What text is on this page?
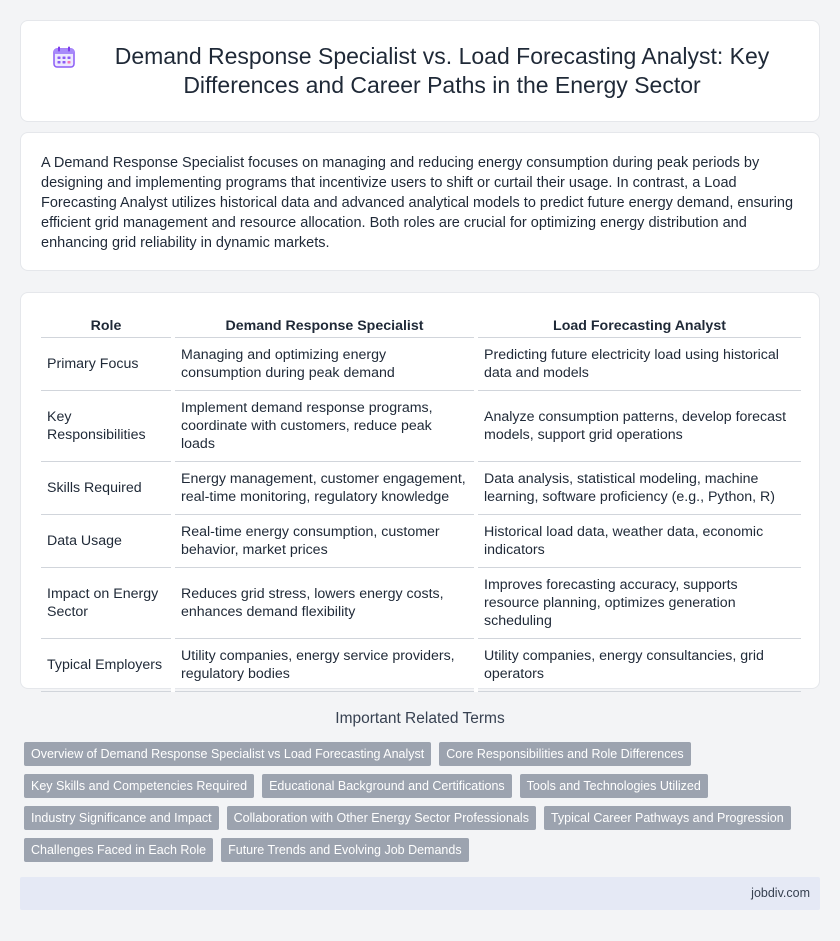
Demand Response Specialist vs. Load Forecasting Analyst: Key Differences and Career Paths in the Energy Sector

A Demand Response Specialist focuses on managing and reducing energy consumption during peak periods by designing and implementing programs that incentivize users to shift or curtail their usage. In contrast, a Load Forecasting Analyst utilizes historical data and advanced analytical models to predict future energy demand, ensuring efficient grid management and resource allocation. Both roles are crucial for optimizing energy distribution and enhancing grid reliability in dynamic markets.

Role	Demand Response Specialist	Load Forecasting Analyst
Primary Focus	Managing and optimizing energy consumption during peak demand	Predicting future electricity load using historical data and models
Key Responsibilities	Implement demand response programs, coordinate with customers, reduce peak loads	Analyze consumption patterns, develop forecast models, support grid operations
Skills Required	Energy management, customer engagement, real-time monitoring, regulatory knowledge	Data analysis, statistical modeling, machine learning, software proficiency (e.g., Python, R)
Data Usage	Real-time energy consumption, customer behavior, market prices	Historical load data, weather data, economic indicators
Impact on Energy Sector	Reduces grid stress, lowers energy costs, enhances demand flexibility	Improves forecasting accuracy, supports resource planning, optimizes generation scheduling
Typical Employers	Utility companies, energy service providers, regulatory bodies	Utility companies, energy consultancies, grid operators
Important Related Terms
Overview of Demand Response Specialist vs Load Forecasting Analyst	Core Responsibilities and Role Differences
Key Skills and Competencies Required	Educational Background and Certifications	Tools and Technologies Utilized
Industry Significance and Impact	Collaboration with Other Energy Sector Professionals	Typical Career Pathways and Progression
Challenges Faced in Each Role	Future Trends and Evolving Job Demands
jobdiv.com
